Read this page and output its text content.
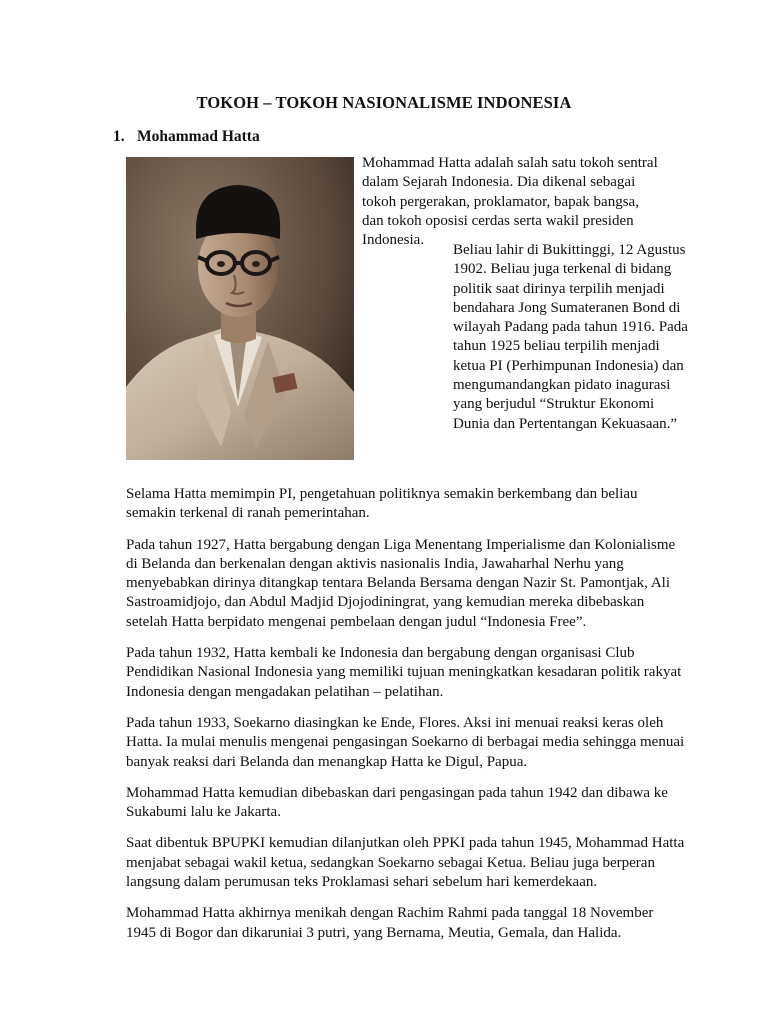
TOKOH – TOKOH NASIONALISME INDONESIA
1. Mohammad Hatta
Mohammad Hatta adalah salah satu tokoh sentral dalam Sejarah Indonesia. Dia dikenal sebagai tokoh pergerakan, proklamator, bapak bangsa, dan tokoh oposisi cerdas serta wakil presiden Indonesia.
Beliau lahir di Bukittinggi, 12 Agustus 1902. Beliau juga terkenal di bidang politik saat dirinya terpilih menjadi bendahara Jong Sumateranen Bond di wilayah Padang pada tahun 1916. Pada tahun 1925 beliau terpilih menjadi ketua PI (Perhimpunan Indonesia) dan mengumandangkan pidato inagurasi yang berjudul “Struktur Ekonomi Dunia dan Pertentangan Kekuasaan.”

Selama Hatta memimpin PI, pengetahuan politiknya semakin berkembang dan beliau semakin terkenal di ranah pemerintahan.

Pada tahun 1927, Hatta bergabung dengan Liga Menentang Imperialisme dan Kolonialisme di Belanda dan berkenalan dengan aktivis nasionalis India, Jawaharhal Nerhu yang menyebabkan dirinya ditangkap tentara Belanda Bersama dengan Nazir St. Pamontjak, Ali Sastroamidjojo, dan Abdul Madjid Djojodiningrat, yang kemudian mereka dibebaskan setelah Hatta berpidato mengenai pembelaan dengan judul “Indonesia Free”.

Pada tahun 1932, Hatta kembali ke Indonesia dan bergabung dengan organisasi Club Pendidikan Nasional Indonesia yang memiliki tujuan meningkatkan kesadaran politik rakyat Indonesia dengan mengadakan pelatihan – pelatihan.

Pada tahun 1933, Soekarno diasingkan ke Ende, Flores. Aksi ini menuai reaksi keras oleh Hatta. Ia mulai menulis mengenai pengasingan Soekarno di berbagai media sehingga menuai banyak reaksi dari Belanda dan menangkap Hatta ke Digul, Papua.

Mohammad Hatta kemudian dibebaskan dari pengasingan pada tahun 1942 dan dibawa ke Sukabumi lalu ke Jakarta.

Saat dibentuk BPUPKI kemudian dilanjutkan oleh PPKI pada tahun 1945, Mohammad Hatta menjabat sebagai wakil ketua, sedangkan Soekarno sebagai Ketua. Beliau juga berperan langsung dalam perumusan teks Proklamasi sehari sebelum hari kemerdekaan.

Mohammad Hatta akhirnya menikah dengan Rachim Rahmi pada tanggal 18 November 1945 di Bogor dan dikaruniai 3 putri, yang Bernama, Meutia, Gemala, dan Halida.
